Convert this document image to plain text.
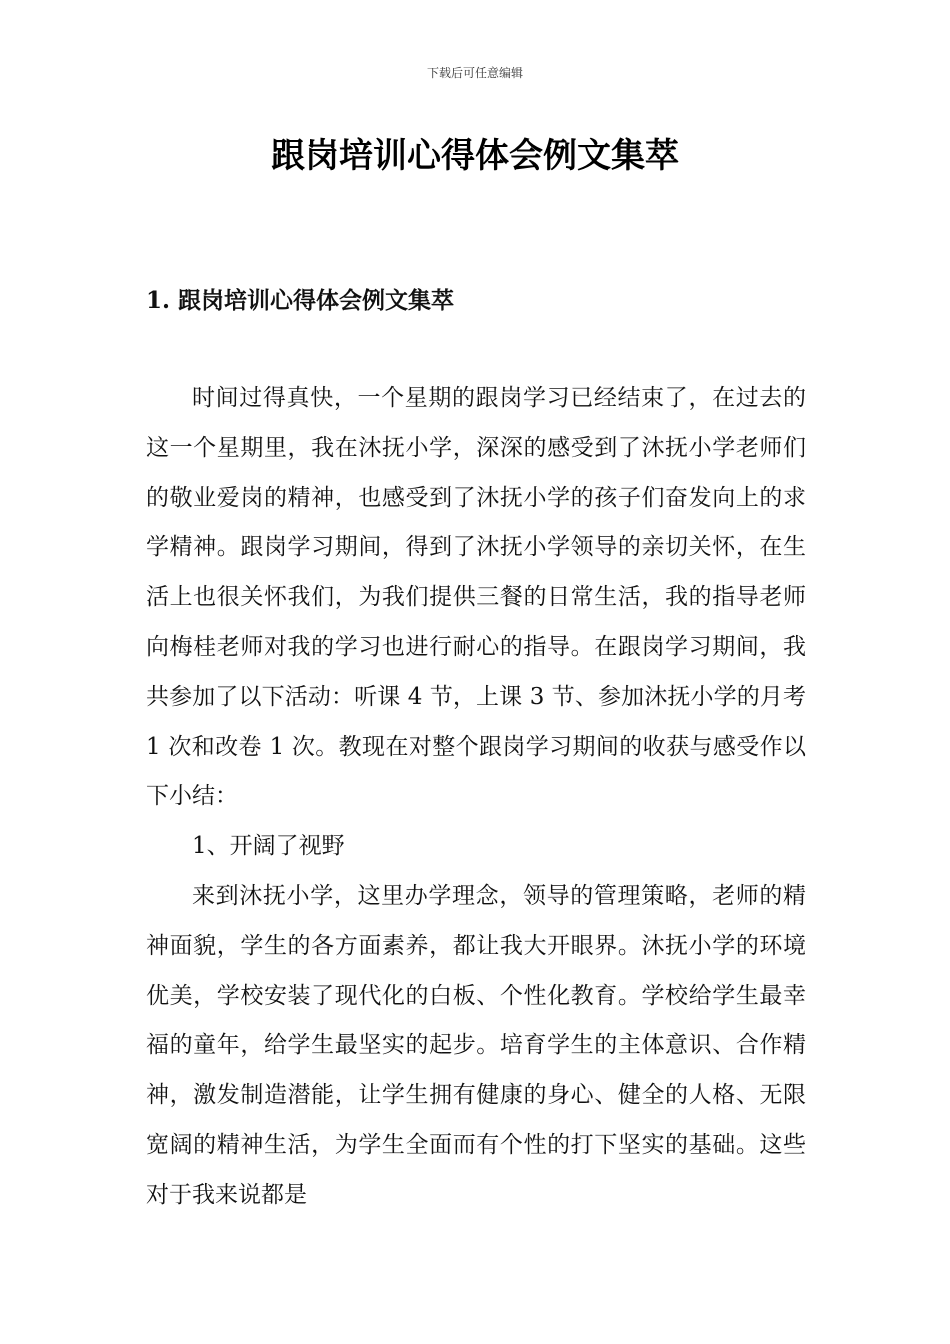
下载后可任意编辑
跟岗培训心得体会例文集萃
1. 跟岗培训心得体会例文集萃

时间过得真快，一个星期的跟岗学习已经结束了，在过去的这一个星期里，我在沐抚小学，深深的感受到了沐抚小学老师们的敬业爱岗的精神，也感受到了沐抚小学的孩子们奋发向上的求学精神。跟岗学习期间，得到了沐抚小学领导的亲切关怀，在生活上也很关怀我们，为我们提供三餐的日常生活，我的指导老师向梅桂老师对我的学习也进行耐心的指导。在跟岗学习期间，我共参加了以下活动：听课 4 节，上课 3 节、参加沐抚小学的月考 1 次和改卷 1 次。教现在对整个跟岗学习期间的收获与感受作以下小结：

1、开阔了视野

来到沐抚小学，这里办学理念，领导的管理策略，老师的精神面貌，学生的各方面素养，都让我大开眼界。沐抚小学的环境优美，学校安装了现代化的白板、个性化教育。学校给学生最幸福的童年，给学生最坚实的起步。培育学生的主体意识、合作精神，激发制造潜能，让学生拥有健康的身心、健全的人格、无限宽阔的精神生活，为学生全面而有个性的打下坚实的基础。这些对于我来说都是
